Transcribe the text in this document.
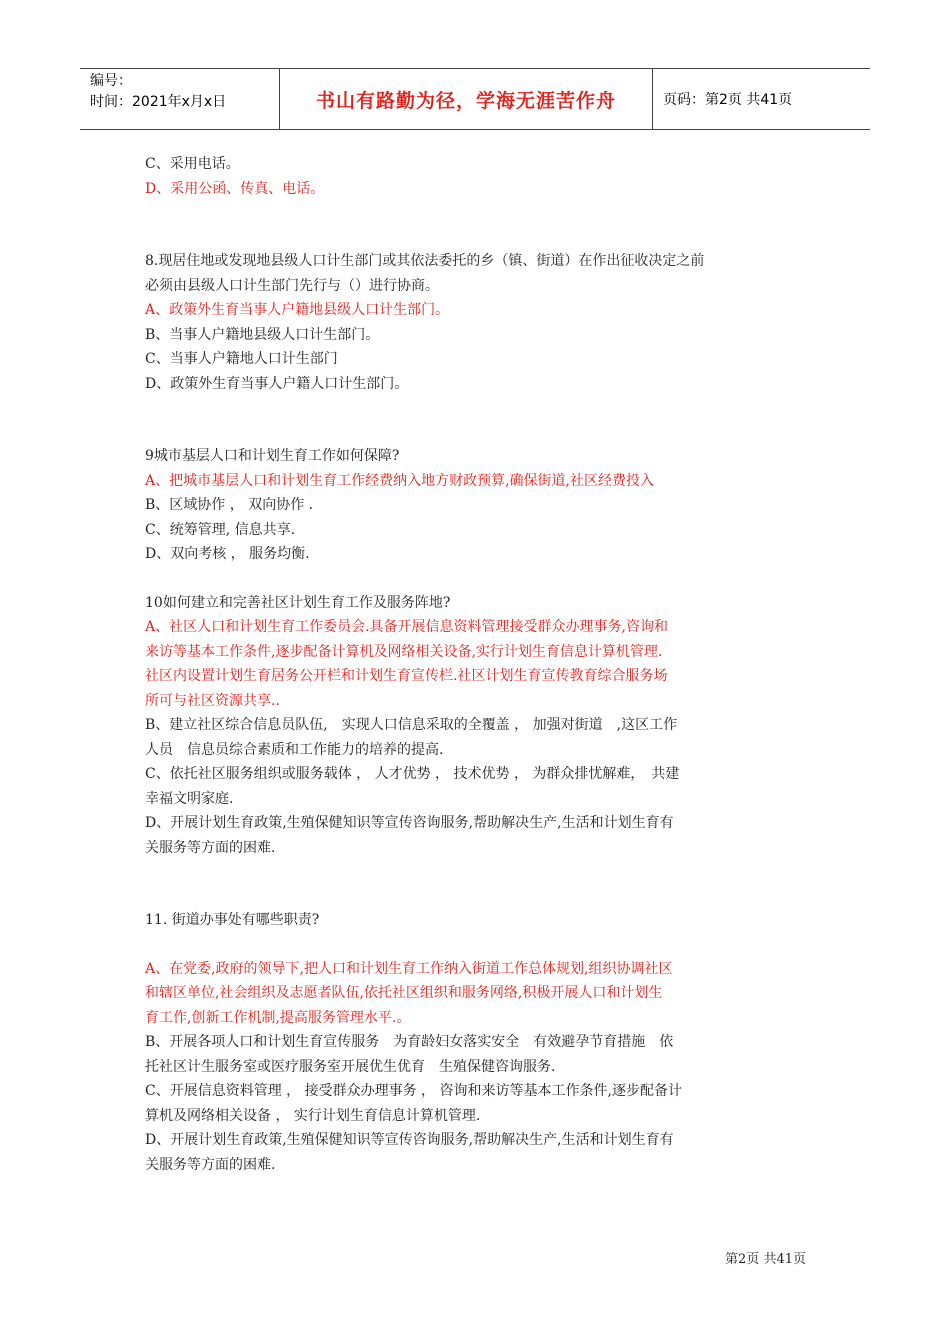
编号：
时间：2021年x月x日	书山有路勤为径，学海无涯苦作舟	页码：第2页 共41页
C、采用电话。
D、采用公函、传真、电话。
8.现居住地或发现地县级人口计生部门或其依法委托的乡（镇、街道）在作出征收决定之前
必须由县级人口计生部门先行与（）进行协商。
A、政策外生育当事人户籍地县级人口计生部门。
B、当事人户籍地县级人口计生部门。
C、当事人户籍地人口计生部门
D、政策外生育当事人户籍人口计生部门。
9城市基层人口和计划生育工作如何保障?
A、把城市基层人口和计划生育工作经费纳入地方财政预算,确保街道,社区经费投入
B、区域协作 ， 双向协作 .
C、统筹管理, 信息共享.
D、双向考核 ， 服务均衡.
10如何建立和完善社区计划生育工作及服务阵地?
A、社区人口和计划生育工作委员会.具备开展信息资料管理接受群众办理事务,咨询和
来访等基本工作条件,逐步配备计算机及网络相关设备,实行计划生育信息计算机管理.
社区内设置计划生育居务公开栏和计划生育宣传栏.社区计划生育宣传教育综合服务场
所可与社区资源共享..
B、建立社区综合信息员队伍,　实现人口信息采取的全覆盖 ， 加强对街道　,这区工作
人员　信息员综合素质和工作能力的培养的提高.
C、依托社区服务组织或服务载体 ， 人才优势 ， 技术优势 ， 为群众排忧解难，　共建
幸福文明家庭.
D、开展计划生育政策,生殖保健知识等宣传咨询服务,帮助解决生产,生活和计划生育有
关服务等方面的困难.
11. 街道办事处有哪些职责?
A、在党委,政府的领导下,把人口和计划生育工作纳入街道工作总体规划,组织协调社区
和辖区单位,社会组织及志愿者队伍,依托社区组织和服务网络,积极开展人口和计划生
育工作,创新工作机制,提高服务管理水平.。
B、开展各项人口和计划生育宣传服务　为育龄妇女落实安全　有效避孕节育措施　依
托社区计生服务室或医疗服务室开展优生优育　生殖保健咨询服务.
C、开展信息资料管理 ， 接受群众办理事务 ， 咨询和来访等基本工作条件,逐步配备计
算机及网络相关设备 ， 实行计划生育信息计算机管理.
D、开展计划生育政策,生殖保健知识等宣传咨询服务,帮助解决生产,生活和计划生育有
关服务等方面的困难.
第2页 共41页
